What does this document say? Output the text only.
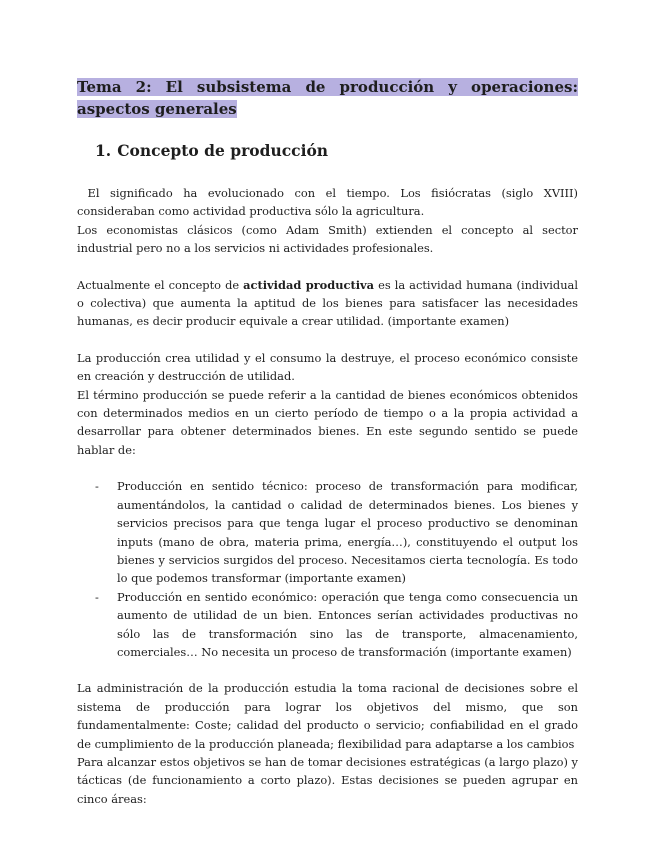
Tema 2: El subsistema de producción y operaciones: aspectos generales
1. Concepto de producción

El significado ha evolucionado con el tiempo. Los fisiócratas (siglo XVIII) consideraban como actividad productiva sólo la agricultura.

Los economistas clásicos (como Adam Smith) extienden el concepto al sector industrial pero no a los servicios ni actividades profesionales.

Actualmente el concepto de actividad productiva es la actividad humana (individual o colectiva) que aumenta la aptitud de los bienes para satisfacer las necesidades humanas, es decir producir equivale a crear utilidad. (importante examen)

La producción crea utilidad y el consumo la destruye, el proceso económico consiste en creación y destrucción de utilidad.

El término producción se puede referir a la cantidad de bienes económicos obtenidos con determinados medios en un cierto período de tiempo o a la propia actividad a desarrollar para obtener determinados bienes. En este segundo sentido se puede hablar de:

- Producción en sentido técnico: proceso de transformación para modificar, aumentándolos, la cantidad o calidad de determinados bienes. Los bienes y servicios precisos para que tenga lugar el proceso productivo se denominan inputs (mano de obra, materia prima, energía…), constituyendo el output los bienes y servicios surgidos del proceso. Necesitamos cierta tecnología. Es todo lo que podemos transformar (importante examen)
- Producción en sentido económico: operación que tenga como consecuencia un aumento de utilidad de un bien. Entonces serían actividades productivas no sólo las de transformación sino las de transporte, almacenamiento, comerciales… No necesita un proceso de transformación (importante examen)

La administración de la producción estudia la toma racional de decisiones sobre el sistema de producción para lograr los objetivos del mismo, que son fundamentalmente: Coste; calidad del producto o servicio; confiabilidad en el grado de cumplimiento de la producción planeada; flexibilidad para adaptarse a los cambios

Para alcanzar estos objetivos se han de tomar decisiones estratégicas (a largo plazo) y tácticas (de funcionamiento a corto plazo). Estas decisiones se pueden agrupar en cinco áreas:
